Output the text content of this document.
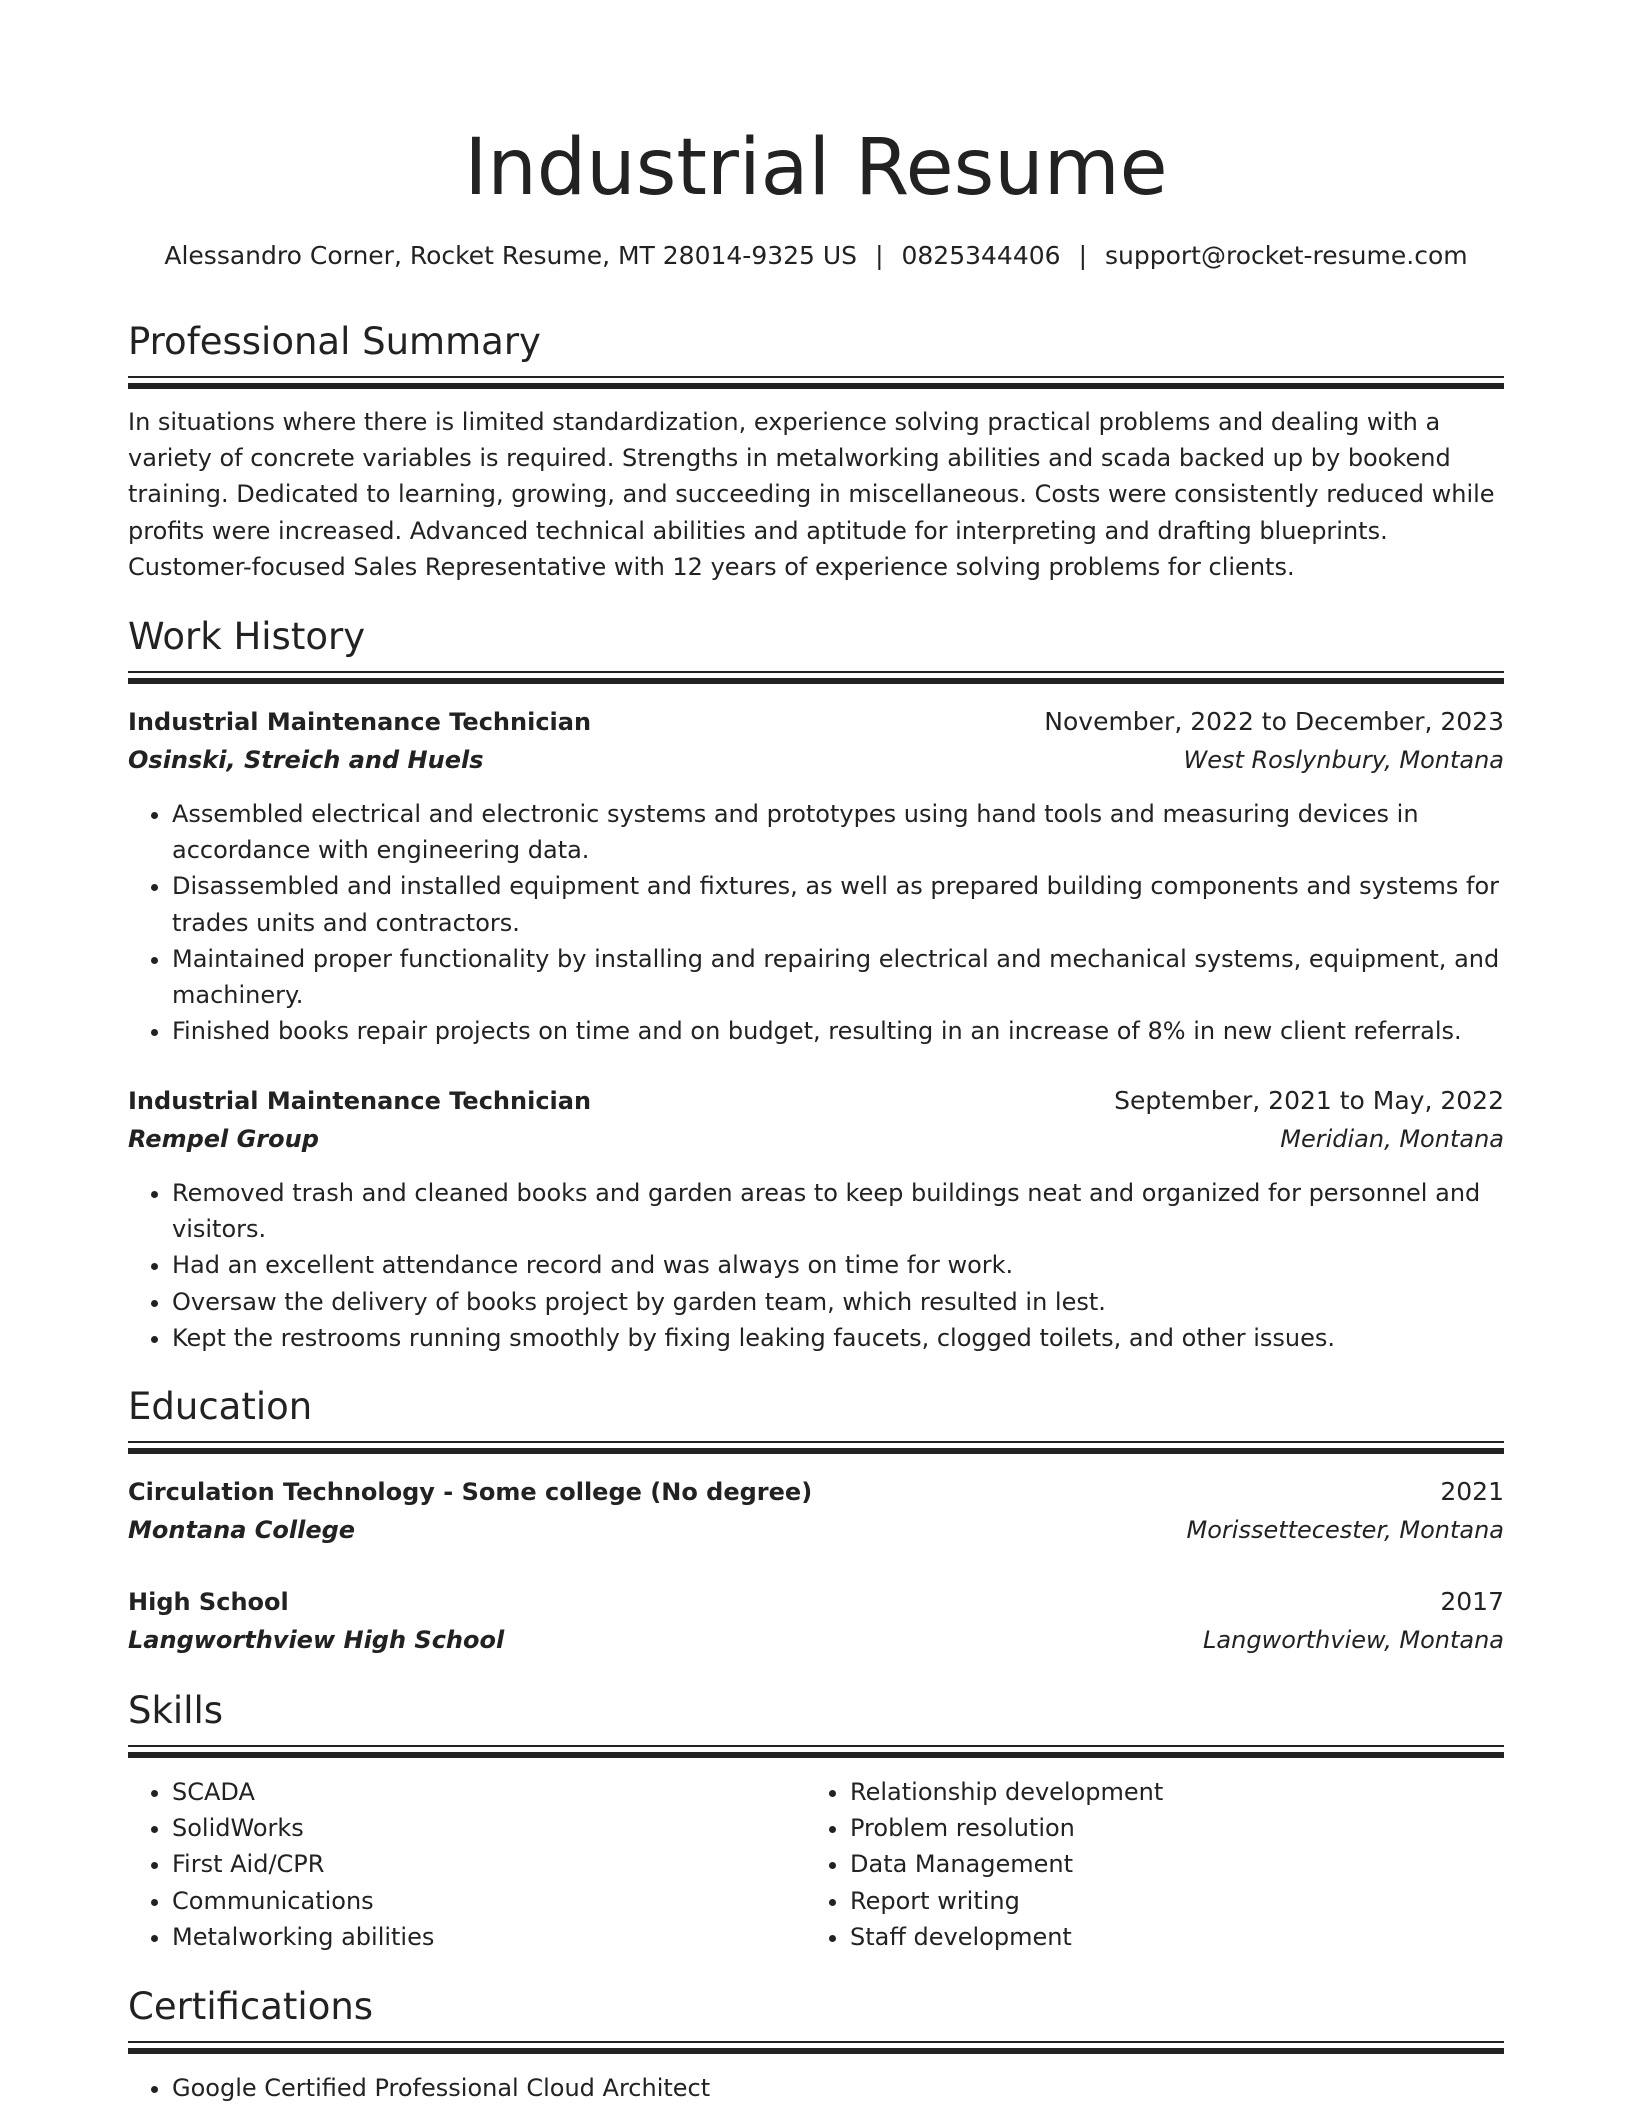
Industrial Resume
Alessandro Corner, Rocket Resume, MT 28014-9325 US | 0825344406 | support@rocket-resume.com
Professional Summary

In situations where there is limited standardization, experience solving practical problems and dealing with a variety of concrete variables is required. Strengths in metalworking abilities and scada backed up by bookend training. Dedicated to learning, growing, and succeeding in miscellaneous. Costs were consistently reduced while profits were increased. Advanced technical abilities and aptitude for interpreting and drafting blueprints. Customer-focused Sales Representative with 12 years of experience solving problems for clients.

Work History
Industrial Maintenance Technician	November, 2022 to December, 2023
Osinski, Streich and Huels	West Roslynbury, Montana
• Assembled electrical and electronic systems and prototypes using hand tools and measuring devices in accordance with engineering data.
• Disassembled and installed equipment and fixtures, as well as prepared building components and systems for trades units and contractors.
• Maintained proper functionality by installing and repairing electrical and mechanical systems, equipment, and machinery.
• Finished books repair projects on time and on budget, resulting in an increase of 8% in new client referrals.
Industrial Maintenance Technician	September, 2021 to May, 2022
Rempel Group	Meridian, Montana
• Removed trash and cleaned books and garden areas to keep buildings neat and organized for personnel and visitors.
• Had an excellent attendance record and was always on time for work.
• Oversaw the delivery of books project by garden team, which resulted in lest.
• Kept the restrooms running smoothly by fixing leaking faucets, clogged toilets, and other issues.
Education
Circulation Technology - Some college (No degree)	2021
Montana College	Morissettecester, Montana
High School	2017
Langworthview High School	Langworthview, Montana
Skills
• SCADA
• SolidWorks
• First Aid/CPR
• Communications
• Metalworking abilities
• Relationship development
• Problem resolution
• Data Management
• Report writing
• Staff development
Certifications
• Google Certified Professional Cloud Architect
